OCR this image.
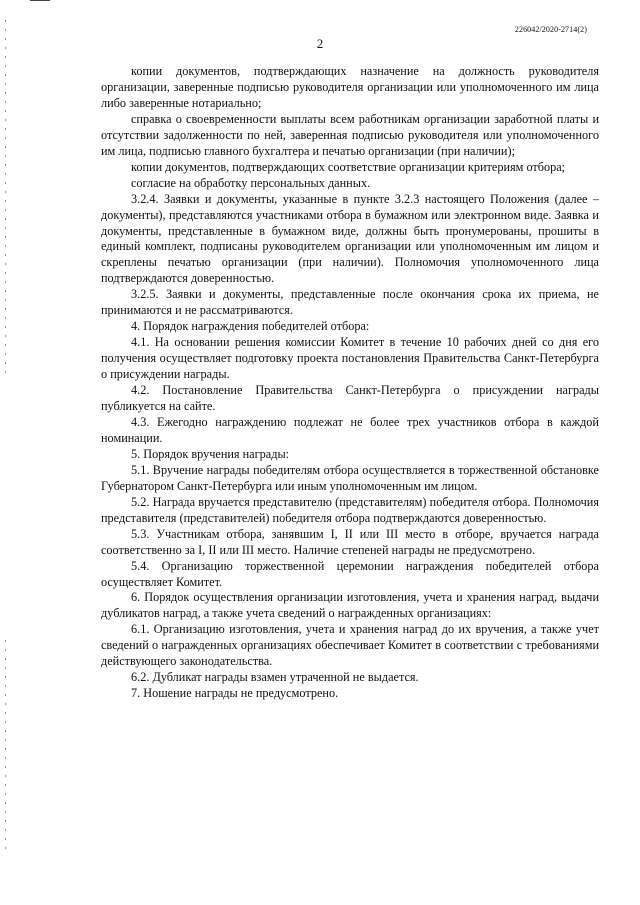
226042/2020-2714(2)
2

копии документов, подтверждающих назначение на должность руководителя организации, заверенные подписью руководителя организации или уполномоченного им лица либо заверенные нотариально;

справка о своевременности выплаты всем работникам организации заработной платы и отсутствии задолженности по ней, заверенная подписью руководителя или уполномоченного им лица, подписью главного бухгалтера и печатью организации (при наличии);

копии документов, подтверждающих соответствие организации критериям отбора;

согласие на обработку персональных данных.

3.2.4. Заявки и документы, указанные в пункте 3.2.3 настоящего Положения (далее – документы), представляются участниками отбора в бумажном или электронном виде. Заявка и документы, представленные в бумажном виде, должны быть пронумерованы, прошиты в единый комплект, подписаны руководителем организации или уполномоченным им лицом и скреплены печатью организации (при наличии). Полномочия уполномоченного лица подтверждаются доверенностью.

3.2.5. Заявки и документы, представленные после окончания срока их приема, не принимаются и не рассматриваются.

4. Порядок награждения победителей отбора:

4.1. На основании решения комиссии Комитет в течение 10 рабочих дней со дня его получения осуществляет подготовку проекта постановления Правительства Санкт-Петербурга о присуждении награды.

4.2. Постановление Правительства Санкт-Петербурга о присуждении награды публикуется на сайте.

4.3. Ежегодно награждению подлежат не более трех участников отбора в каждой номинации.

5. Порядок вручения награды:

5.1. Вручение награды победителям отбора осуществляется в торжественной обстановке Губернатором Санкт-Петербурга или иным уполномоченным им лицом.

5.2. Награда вручается представителю (представителям) победителя отбора. Полномочия представителя (представителей) победителя отбора подтверждаются доверенностью.

5.3. Участникам отбора, занявшим I, II или III место в отборе, вручается награда соответственно за I, II или III место. Наличие степеней награды не предусмотрено.

5.4. Организацию торжественной церемонии награждения победителей отбора осуществляет Комитет.

6. Порядок осуществления организации изготовления, учета и хранения наград, выдачи дубликатов наград, а также учета сведений о награжденных организациях:

6.1. Организацию изготовления, учета и хранения наград до их вручения, а также учет сведений о награжденных организациях обеспечивает Комитет в соответствии с требованиями действующего законодательства.

6.2. Дубликат награды взамен утраченной не выдается.

7. Ношение награды не предусмотрено.
